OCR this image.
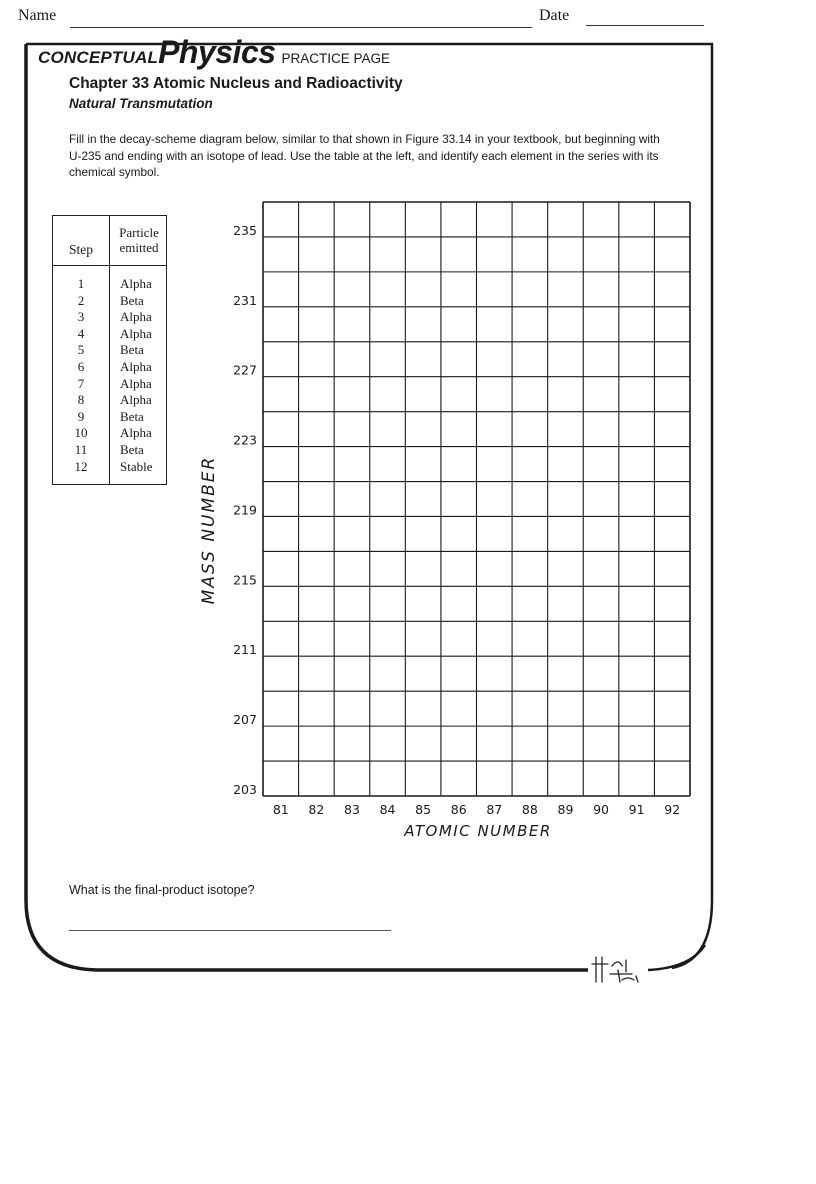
Name	Date
CONCEPTUALPhysics PRACTICE PAGE
Chapter 33 Atomic Nucleus and Radioactivity
Natural Transmutation
Fill in the decay-scheme diagram below, similar to that shown in Figure 33.14 in your textbook, but beginning with U-235 and ending with an isotope of lead. Use the table at the left, and identify each element in the series with its chemical symbol.
Step
Particle
emitted
1
2
3
4
5
6
7
8
9
10
11
12
Alpha
Beta
Alpha
Alpha
Beta
Alpha
Alpha
Alpha
Beta
Alpha
Beta
Stable
235
231
227
223
219
215
211
207
203
81 82 83 84 85 86 87 88 89 90 91 92
MASS NUMBER
ATOMIC NUMBER
What is the final-product isotope?
